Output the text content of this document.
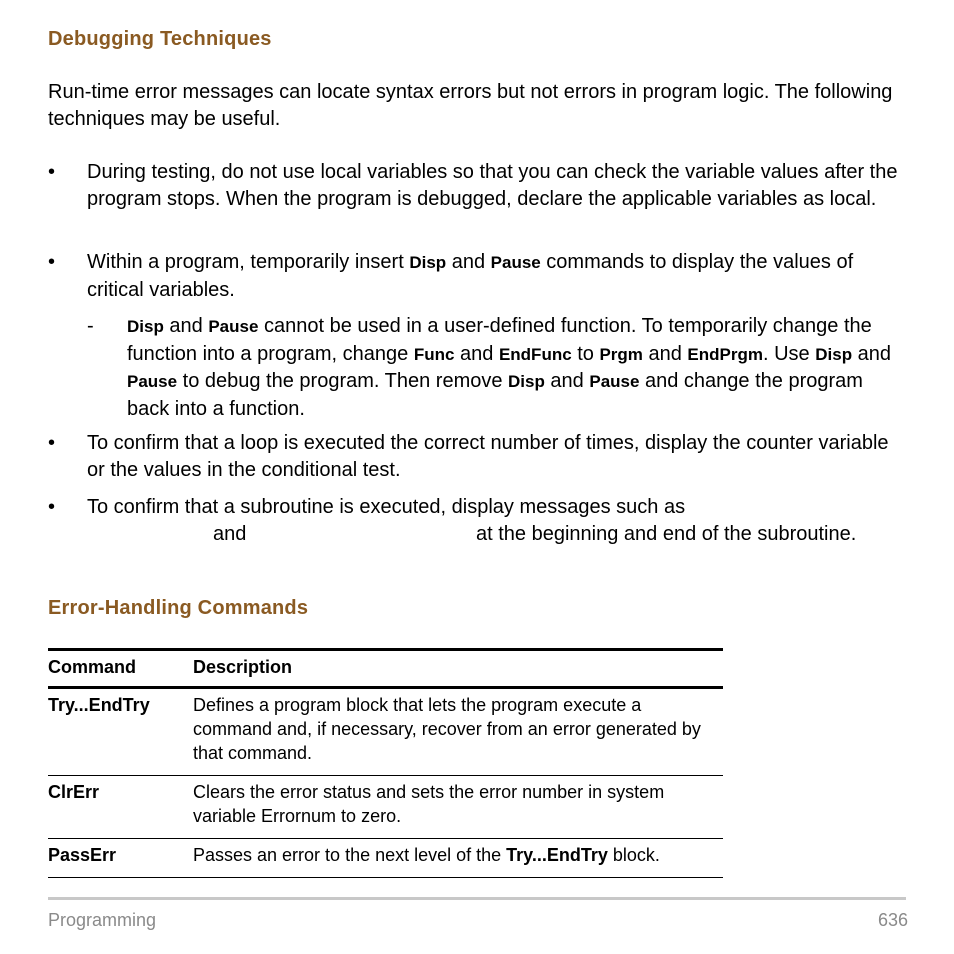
Debugging Techniques

Run-time error messages can locate syntax errors but not errors in program logic. The following techniques may be useful.

• During testing, do not use local variables so that you can check the variable values after the program stops. When the program is debugged, declare the applicable variables as local.

• Within a program, temporarily insert Disp and Pause commands to display the values of critical variables.

- Disp and Pause cannot be used in a user-defined function. To temporarily change the function into a program, change Func and EndFunc to Prgm and EndPrgm. Use Disp and Pause to debug the program. Then remove Disp and Pause and change the program back into a function.

• To confirm that a loop is executed the correct number of times, display the counter variable or the values in the conditional test.

• To confirm that a subroutine is executed, display messages such as

and	at the beginning and end of the subroutine.
Error-Handling Commands
Command	Description
Try...EndTry	Defines a program block that lets the program execute a command and, if necessary, recover from an error generated by that command.
ClrErr	Clears the error status and sets the error number in system variable Errornum to zero.
PassErr	Passes an error to the next level of the Try...EndTry block.
Programming	636
